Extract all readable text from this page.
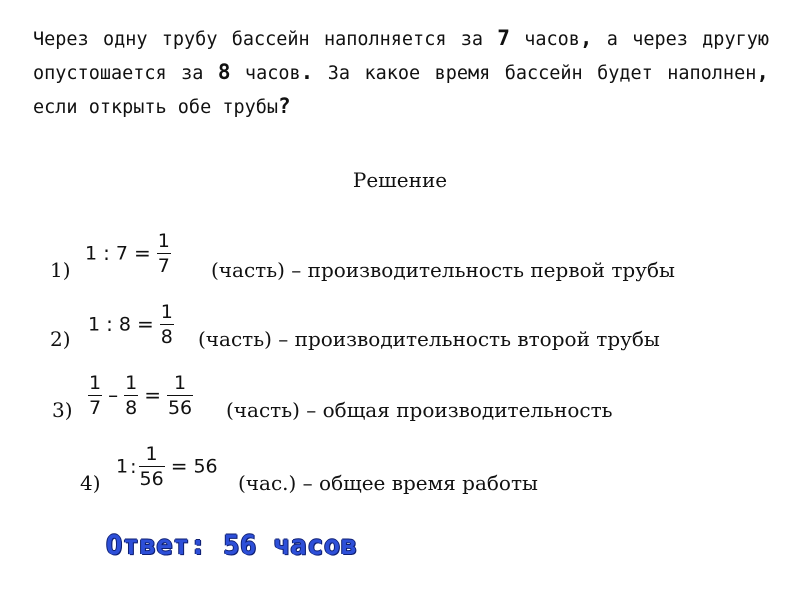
Через одну трубу бассейн наполняется за 7 часов, а через другую опустошается за 8 часов. За какое время бассейн будет наполнен, если открыть обе трубы?
Решение
1)
1 : $7 = \frac{1}{7}$ (часть) – производительность первой трубы
2)
1 : $8 = \frac{1}{8}$ (часть) – производительность второй трубы
$3) \frac{1}{7} - \frac{1}{8} = \frac{1}{56}$ (часть) – общая производительность
4)
1 : $\frac{1}{56} = 56$
(час.) – общее время работы
Ответ: 56 часов
